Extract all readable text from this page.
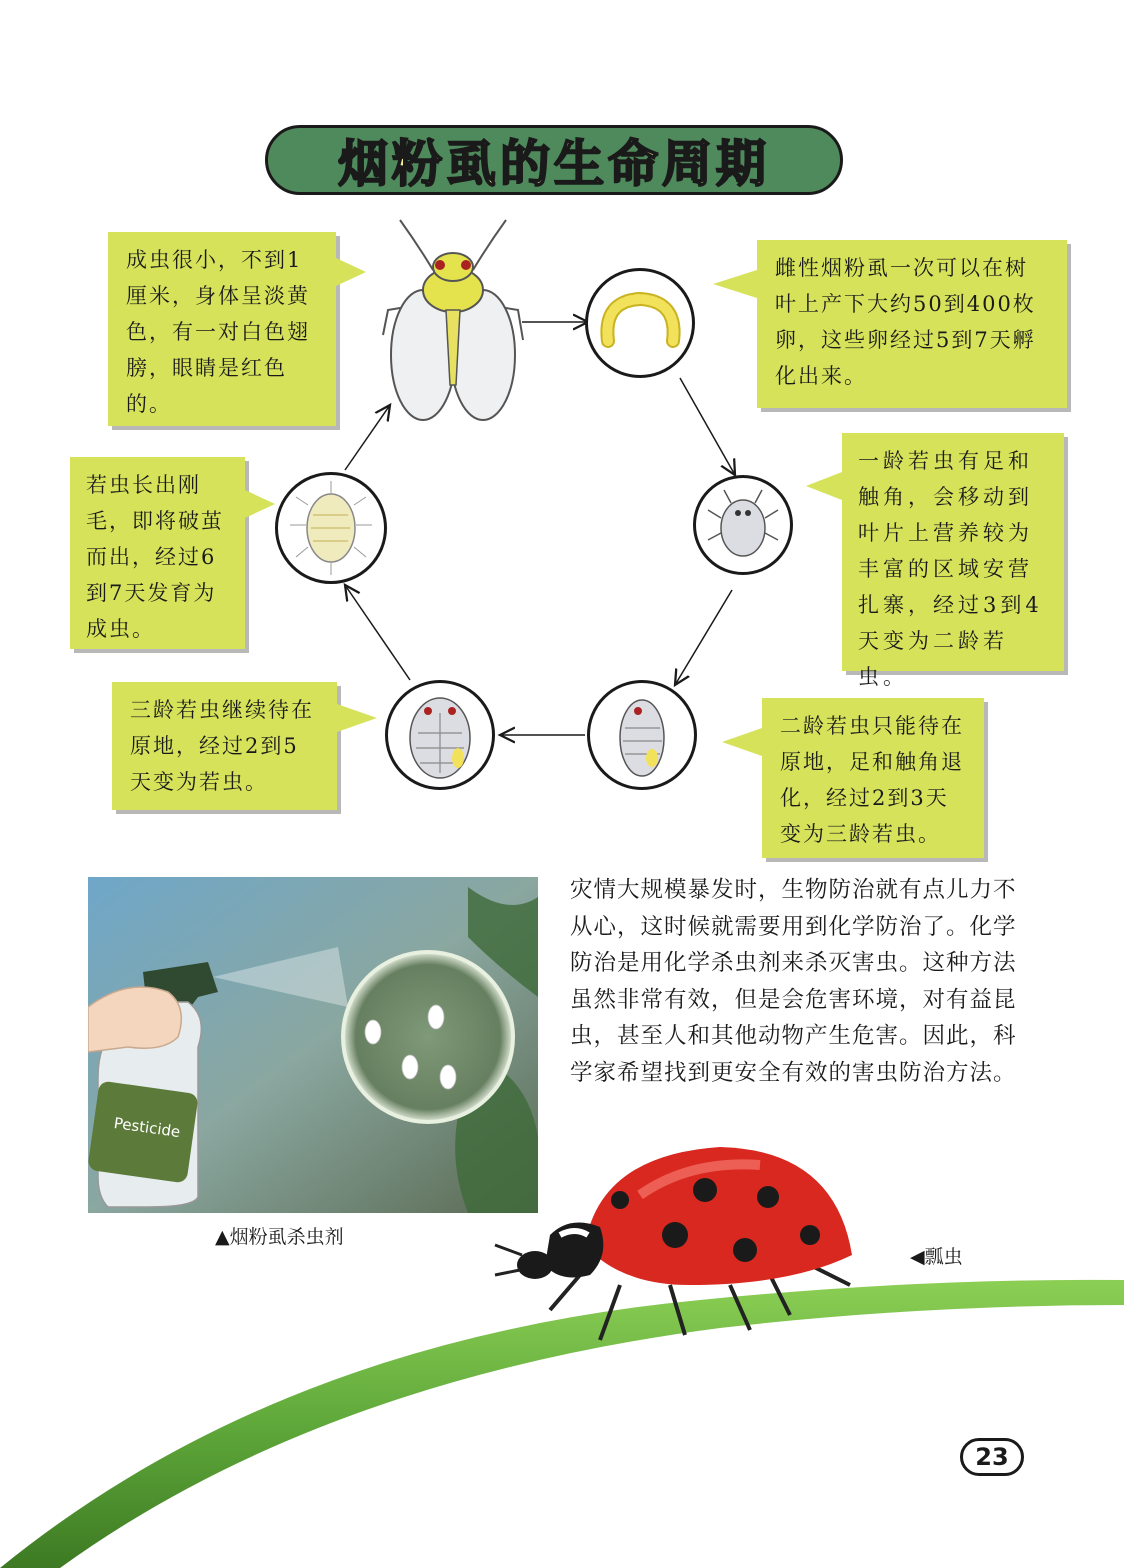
烟粉虱的生命周期
成虫很小，不到1厘米，身体呈淡黄色，有一对白色翅膀，眼睛是红色的。
雌性烟粉虱一次可以在树叶上产下大约50到400枚卵，这些卵经过5到7天孵化出来。
一龄若虫有足和触角，会移动到叶片上营养较为丰富的区域安营扎寨，经过3到4天变为二龄若虫。
二龄若虫只能待在原地，足和触角退化，经过2到3天变为三龄若虫。
三龄若虫继续待在原地，经过2到5天变为若虫。
若虫长出刚毛，即将破茧而出，经过6到7天发育为成虫。
Pesticide
▲烟粉虱杀虫剂
灾情大规模暴发时，生物防治就有点儿力不从心，这时候就需要用到化学防治了。化学防治是用化学杀虫剂来杀灭害虫。这种方法虽然非常有效，但是会危害环境，对有益昆虫，甚至人和其他动物产生危害。因此，科学家希望找到更安全有效的害虫防治方法。
◀瓢虫
23
